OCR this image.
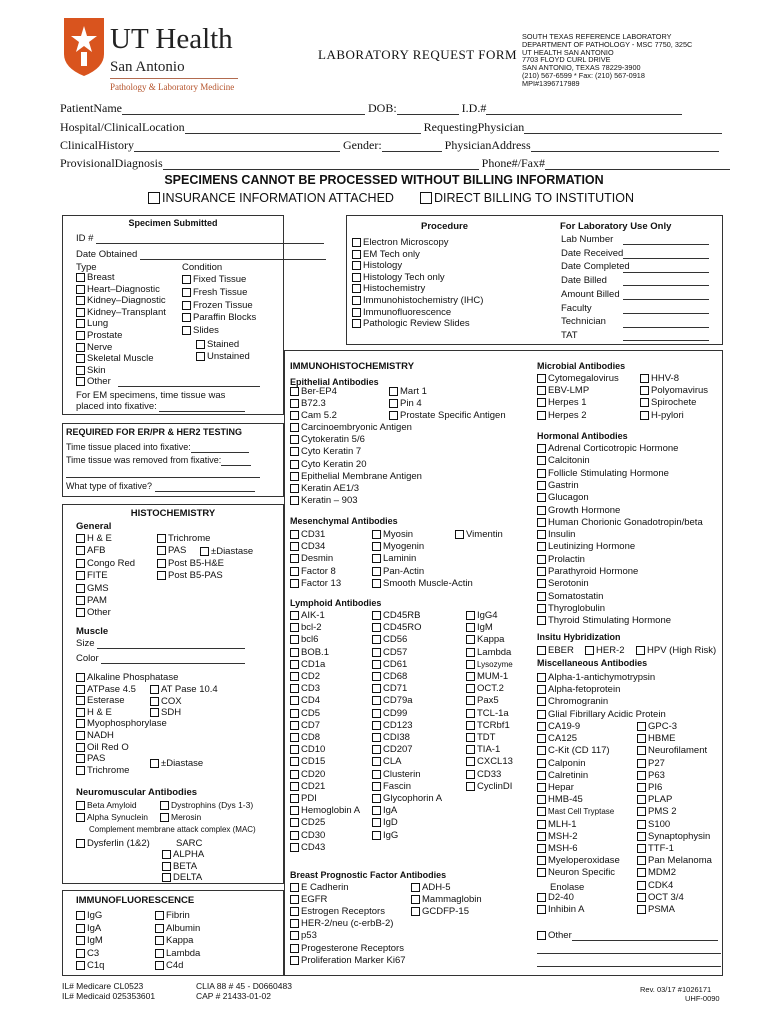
UT Health
San Antonio
Pathology & Laboratory Medicine
LABORATORY REQUEST FORM
SOUTH TEXAS REFERENCE LABORATORY
DEPARTMENT OF PATHOLOGY - MSC 7750, 325C
UT HEALTH SAN ANTONIO
7703 FLOYD CURL DRIVE
SAN ANTONIO, TEXAS 78229-3900
(210) 567-6599 * Fax: (210) 567-0918
MPI#1396717989
PatientName	DOB:	I.D.#
Hospital/ClinicalLocation	RequestingPhysician
ClinicalHistory	Gender:	PhysicianAddress
ProvisionalDiagnosis	Phone#/Fax#
SPECIMENS CANNOT BE PROCESSED WITHOUT BILLING INFORMATION
INSURANCE INFORMATION ATTACHED	DIRECT BILLING TO INSTITUTION
Specimen Submitted
ID #
Date Obtained
Type	Condition
Breast
Heart–Diagnostic
Kidney–Diagnostic
Kidney–Transplant
Lung
Prostate
Nerve
Skeletal Muscle
Skin
Other
Fixed Tissue
Fresh Tissue
Frozen Tissue
Paraffin Blocks
Slides
Stained
Unstained
For EM specimens, time tissue was
placed into fixative:
Procedure
Electron Microscopy
EM Tech only
Histology
Histology Tech only
Histochemistry
Immunohistochemistry (IHC)
Immunofluorescence
Pathologic Review Slides
For Laboratory Use Only
Lab Number
Date Received
Date Completed
Date Billed
Amount Billed
Faculty
Technician
TAT
REQUIRED FOR ER/PR & HER2 TESTING
Time tissue placed into fixative:
Time tissue was removed from fixative:
What type of fixative?
HISTOCHEMISTRY
General
H & E
AFB
Congo Red
FITE
GMS
PAM
Other
Trichrome
PAS
Post B5-H&E
Post B5-PAS
±Diastase
Muscle
Size
Color
Alkaline Phosphatase
ATPase 4.5
Esterase
H & E
Myophosphorylase
NADH
Oil Red O
PAS
Trichrome
AT Pase 10.4
COX
SDH
±Diastase
Neuromuscular Antibodies
Beta Amyloid
Alpha Synuclein
Dystrophins (Dys 1-3)
Merosin
Complement membrane attack complex (MAC)
Dysferlin (1&2)	SARC
ALPHA
BETA
DELTA
IMMUNOFLUORESCENCE
IgG
IgA
IgM
C3
C1q
Fibrin
Albumin
Kappa
Lambda
C4d
IMMUNOHISTOCHEMISTRY
Epithelial Antibodies
Ber-EP4
B72.3
Cam 5.2
Mart 1
Pin 4
Prostate Specific Antigen
Carcinoembryonic Antigen
Cytokeratin 5/6
Cyto Keratin 7
Cyto Keratin 20
Epithelial Membrane Antigen
Keratin AE1/3
Keratin – 903
Mesenchymal Antibodies
CD31
CD34
Desmin
Factor 8
Factor 13
Myosin
Myogenin
Laminin
Pan-Actin
Smooth Muscle-Actin
Vimentin
Lymphoid Antibodies
AIK-1
bcl-2
bcl6
BOB.1
CD1a
CD2
CD3
CD4
CD5
CD7
CD8
CD10
CD15
CD20
CD21
PDI
Hemoglobin A
CD25
CD30
CD43
CD45RB
CD45RO
CD56
CD57
CD61
CD68
CD71
CD79a
CD99
CD123
CDI38
CD207
CLA
Clusterin
Fascin
Glycophorin A
IgA
IgD
IgG
IgG4
IgM
Kappa
Lambda
Lysozyme
MUM-1
OCT.2
Pax5
TCL-1a
TCRbf1
TDT
TIA-1
CXCL13
CD33
CyclinDI
Breast Prognostic Factor Antibodies
E Cadherin
EGFR
Estrogen Receptors
HER-2/neu (c-erbB-2)
p53
Progesterone Receptors
Proliferation Marker Ki67
ADH-5
Mammaglobin
GCDFP-15
Microbial Antibodies
Cytomegalovirus
EBV-LMP
Herpes 1
Herpes 2
HHV-8
Polyomavirus
Spirochete
H-pylori
Hormonal Antibodies
Adrenal Corticotropic Hormone
Calcitonin
Follicle Stimulating Hormone
Gastrin
Glucagon
Growth Hormone
Human Chorionic Gonadotropin/beta
Insulin
Leutinizing Hormone
Prolactin
Parathyroid Hormone
Serotonin
Somatostatin
Thyroglobulin
Thyroid Stimulating Hormone
Insitu Hybridization
EBER HER-2 HPV (High Risk)
Miscellaneous Antibodies
Alpha-1-antichymotrypsin
Alpha-fetoprotein
Chromogranin
Glial Fibrillary Acidic Protein
CA19-9
CA125
C-Kit (CD 117)
Calponin
Calretinin
Hepar
HMB-45
Mast Cell Tryptase
MLH-1
MSH-2
MSH-6
Myeloperoxidase
Neuron Specific
D2-40
Inhibin A
GPC-3
HBME
Neurofilament
P27
P63
PI6
PLAP
PMS 2
S100
Synaptophysin
TTF-1
Pan Melanoma
MDM2
CDK4
OCT 3/4
PSMA
Enolase
Other
IL# Medicare CL0523
IL# Medicaid 025353601
CLIA 88 # 45 - D0660483
CAP # 21433-01-02
Rev. 03/17 #1026171
UHF-0090
